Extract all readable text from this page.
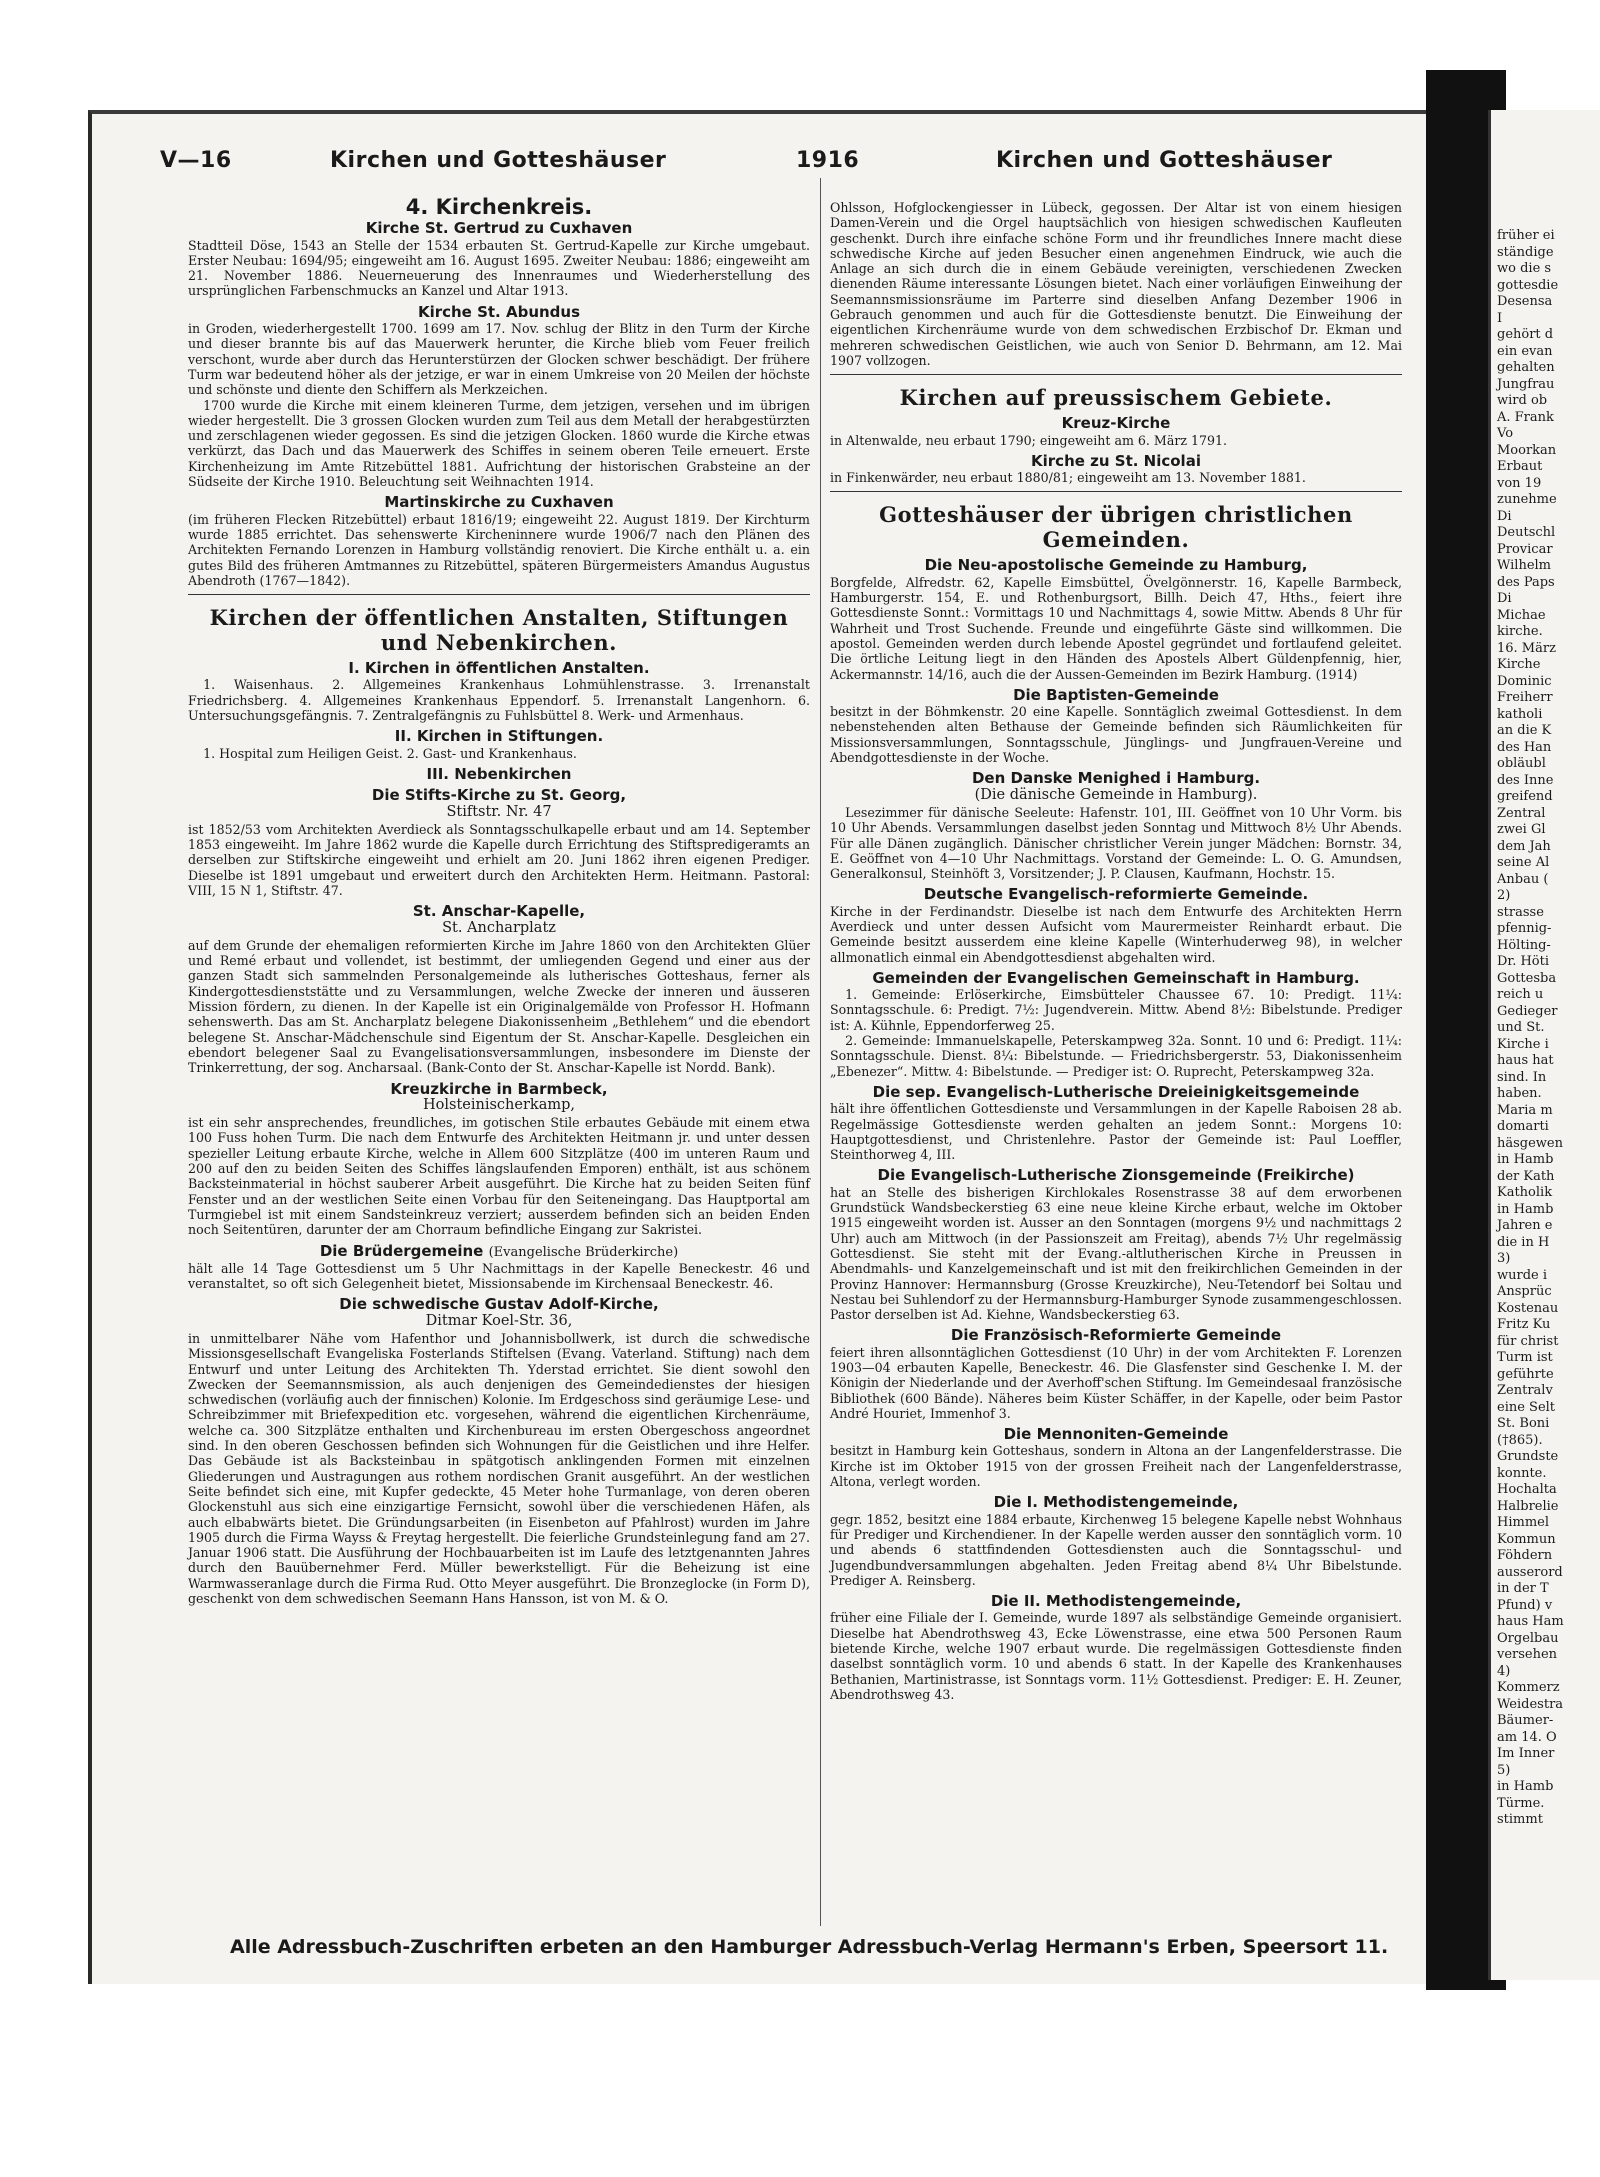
früher ei

ständige

wo die s

gottesdie

Desensa

I

gehört d

ein evan

gehalten

Jungfrau

wird ob

A. Frank

Vo

Moorkan

Erbaut

von 19

zunehme

Di

Deutschl

Provicar

Wilhelm

des Paps

Di

Michae

kirche.

16. März

Kirche

Dominic

Freiherr

katholi

an die K

des Han

obläubl

des Inne

greifend

Zentral

zwei Gl

dem Jah

seine Al

Anbau (

2)

strasse

pfennig-

Hölting-

Dr. Höti

Gottesba

reich u

Gedieger

und St.

Kirche i

haus hat

sind. In

haben.

Maria m

domarti

häsgewen

in Hamb

der Kath

Katholik

in Hamb

Jahren e

die in H

3)

wurde i

Ansprüc

Kostenau

Fritz Ku

für christ

Turm ist

geführte

Zentralv

eine Selt

St. Boni

(†865).

Grundste

konnte.

Hochalta

Halbrelie

Himmel

Kommun

Föhdern

ausserord

in der T

Pfund) v

haus Ham

Orgelbau

versehen

4)

Kommerz

Weidestra

Bäumer-

am 14. O

Im Inner

5)

in Hamb

Türme.

stimmt

V—16	Kirchen und Gotteshäuser	1916	Kirchen und Gotteshäuser
4. Kirchenkreis.
Kirche St. Gertrud zu Cuxhaven

Stadtteil Döse, 1543 an Stelle der 1534 erbauten St. Gertrud-Kapelle zur Kirche umgebaut. Erster Neubau: 1694/95; eingeweiht am 16. August 1695. Zweiter Neubau: 1886; eingeweiht am 21. November 1886. Neuerneuerung des Innenraumes und Wiederherstellung des ursprünglichen Farbenschmucks an Kanzel und Altar 1913.

Kirche St. Abundus

in Groden, wiederhergestellt 1700. 1699 am 17. Nov. schlug der Blitz in den Turm der Kirche und dieser brannte bis auf das Mauerwerk herunter, die Kirche blieb vom Feuer freilich verschont, wurde aber durch das Herunterstürzen der Glocken schwer beschädigt. Der frühere Turm war bedeutend höher als der jetzige, er war in einem Umkreise von 20 Meilen der höchste und schönste und diente den Schiffern als Merkzeichen.

1700 wurde die Kirche mit einem kleineren Turme, dem jetzigen, versehen und im übrigen wieder hergestellt. Die 3 grossen Glocken wurden zum Teil aus dem Metall der herabgestürzten und zerschlagenen wieder gegossen. Es sind die jetzigen Glocken. 1860 wurde die Kirche etwas verkürzt, das Dach und das Mauerwerk des Schiffes in seinem oberen Teile erneuert. Erste Kirchenheizung im Amte Ritzebüttel 1881. Aufrichtung der historischen Grabsteine an der Südseite der Kirche 1910. Beleuchtung seit Weihnachten 1914.

Martinskirche zu Cuxhaven

(im früheren Flecken Ritzebüttel) erbaut 1816/19; eingeweiht 22. August 1819. Der Kirchturm wurde 1885 errichtet. Das sehenswerte Kircheninnere wurde 1906/7 nach den Plänen des Architekten Fernando Lorenzen in Hamburg vollständig renoviert. Die Kirche enthält u. a. ein gutes Bild des früheren Amtmannes zu Ritzebüttel, späteren Bürgermeisters Amandus Augustus Abendroth (1767—1842).

Kirchen der öffentlichen Anstalten, Stiftungen und Nebenkirchen.
I. Kirchen in öffentlichen Anstalten.

1. Waisenhaus. 2. Allgemeines Krankenhaus Lohmühlenstrasse. 3. Irrenanstalt Friedrichsberg. 4. Allgemeines Krankenhaus Eppendorf. 5. Irrenanstalt Langenhorn. 6. Untersuchungsgefängnis. 7. Zentralgefängnis zu Fuhlsbüttel 8. Werk- und Armenhaus.

II. Kirchen in Stiftungen.

1. Hospital zum Heiligen Geist. 2. Gast- und Krankenhaus.

III. Nebenkirchen
Die Stifts-Kirche zu St. Georg,
Stiftstr. Nr. 47

ist 1852/53 vom Architekten Averdieck als Sonntagsschulkapelle erbaut und am 14. September 1853 eingeweiht. Im Jahre 1862 wurde die Kapelle durch Errichtung des Stiftspredigeramts an derselben zur Stiftskirche eingeweiht und erhielt am 20. Juni 1862 ihren eigenen Prediger. Dieselbe ist 1891 umgebaut und erweitert durch den Architekten Herm. Heitmann. Pastoral: VIII, 15 N 1, Stiftstr. 47.

St. Anschar-Kapelle,
St. Ancharplatz

auf dem Grunde der ehemaligen reformierten Kirche im Jahre 1860 von den Architekten Glüer und Remé erbaut und vollendet, ist bestimmt, der umliegenden Gegend und einer aus der ganzen Stadt sich sammelnden Personalgemeinde als lutherisches Gotteshaus, ferner als Kindergottesdienststätte und zu Versammlungen, welche Zwecke der inneren und äusseren Mission fördern, zu dienen. In der Kapelle ist ein Originalgemälde von Professor H. Hofmann sehenswerth. Das am St. Ancharplatz belegene Diakonissenheim „Bethlehem“ und die ebendort belegene St. Anschar-Mädchenschule sind Eigentum der St. Anschar-Kapelle. Desgleichen ein ebendort belegener Saal zu Evangelisationsversammlungen, insbesondere im Dienste der Trinkerrettung, der sog. Ancharsaal. (Bank-Conto der St. Anschar-Kapelle ist Nordd. Bank).

Kreuzkirche in Barmbeck,
Holsteinischerkamp,

ist ein sehr ansprechendes, freundliches, im gotischen Stile erbautes Gebäude mit einem etwa 100 Fuss hohen Turm. Die nach dem Entwurfe des Architekten Heitmann jr. und unter dessen spezieller Leitung erbaute Kirche, welche in Allem 600 Sitzplätze (400 im unteren Raum und 200 auf den zu beiden Seiten des Schiffes längslaufenden Emporen) enthält, ist aus schönem Backsteinmaterial in höchst sauberer Arbeit ausgeführt. Die Kirche hat zu beiden Seiten fünf Fenster und an der westlichen Seite einen Vorbau für den Seiteneingang. Das Hauptportal am Turmgiebel ist mit einem Sandsteinkreuz verziert; ausserdem befinden sich an beiden Enden noch Seitentüren, darunter der am Chorraum befindliche Eingang zur Sakristei.

Die Brüdergemeine (Evangelische Brüderkirche)

hält alle 14 Tage Gottesdienst um 5 Uhr Nachmittags in der Kapelle Beneckestr. 46 und veranstaltet, so oft sich Gelegenheit bietet, Missionsabende im Kirchensaal Beneckestr. 46.

Die schwedische Gustav Adolf-Kirche,
Ditmar Koel-Str. 36,

in unmittelbarer Nähe vom Hafenthor und Johannisbollwerk, ist durch die schwedische Missionsgesellschaft Evangeliska Fosterlands Stiftelsen (Evang. Vaterland. Stiftung) nach dem Entwurf und unter Leitung des Architekten Th. Yderstad errichtet. Sie dient sowohl den Zwecken der Seemannsmission, als auch denjenigen des Gemeindedienstes der hiesigen schwedischen (vorläufig auch der finnischen) Kolonie. Im Erdgeschoss sind geräumige Lese- und Schreibzimmer mit Briefexpedition etc. vorgesehen, während die eigentlichen Kirchenräume, welche ca. 300 Sitzplätze enthalten und Kirchenbureau im ersten Obergeschoss angeordnet sind. In den oberen Geschossen befinden sich Wohnungen für die Geistlichen und ihre Helfer. Das Gebäude ist als Backsteinbau in spätgotisch anklingenden Formen mit einzelnen Gliederungen und Austragungen aus rothem nordischen Granit ausgeführt. An der westlichen Seite befindet sich eine, mit Kupfer gedeckte, 45 Meter hohe Turmanlage, von deren oberen Glockenstuhl aus sich eine einzigartige Fernsicht, sowohl über die verschiedenen Häfen, als auch elbabwärts bietet. Die Gründungsarbeiten (in Eisenbeton auf Pfahlrost) wurden im Jahre 1905 durch die Firma Wayss & Freytag hergestellt. Die feierliche Grundsteinlegung fand am 27. Januar 1906 statt. Die Ausführung der Hochbauarbeiten ist im Laufe des letztgenannten Jahres durch den Bauübernehmer Ferd. Müller bewerkstelligt. Für die Beheizung ist eine Warmwasseranlage durch die Firma Rud. Otto Meyer ausgeführt. Die Bronzeglocke (in Form D), geschenkt von dem schwedischen Seemann Hans Hansson, ist von M. & O.

Ohlsson, Hofglockengiesser in Lübeck, gegossen. Der Altar ist von einem hiesigen Damen-Verein und die Orgel hauptsächlich von hiesigen schwedischen Kaufleuten geschenkt. Durch ihre einfache schöne Form und ihr freundliches Innere macht diese schwedische Kirche auf jeden Besucher einen angenehmen Eindruck, wie auch die Anlage an sich durch die in einem Gebäude vereinigten, verschiedenen Zwecken dienenden Räume interessante Lösungen bietet. Nach einer vorläufigen Einweihung der Seemannsmissionsräume im Parterre sind dieselben Anfang Dezember 1906 in Gebrauch genommen und auch für die Gottesdienste benutzt. Die Einweihung der eigentlichen Kirchenräume wurde von dem schwedischen Erzbischof Dr. Ekman und mehreren schwedischen Geistlichen, wie auch von Senior D. Behrmann, am 12. Mai 1907 vollzogen.

Kirchen auf preussischem Gebiete.
Kreuz-Kirche

in Altenwalde, neu erbaut 1790; eingeweiht am 6. März 1791.

Kirche zu St. Nicolai

in Finkenwärder, neu erbaut 1880/81; eingeweiht am 13. November 1881.

Gotteshäuser der übrigen christlichen Gemeinden.
Die Neu-apostolische Gemeinde zu Hamburg,

Borgfelde, Alfredstr. 62, Kapelle Eimsbüttel, Övelgönnerstr. 16, Kapelle Barmbeck, Hamburgerstr. 154, E. und Rothenburgsort, Billh. Deich 47, Hths., feiert ihre Gottesdienste Sonnt.: Vormittags 10 und Nachmittags 4, sowie Mittw. Abends 8 Uhr für Wahrheit und Trost Suchende. Freunde und eingeführte Gäste sind willkommen. Die apostol. Gemeinden werden durch lebende Apostel gegründet und fortlaufend geleitet. Die örtliche Leitung liegt in den Händen des Apostels Albert Güldenpfennig, hier, Ackermannstr. 14/16, auch die der Aussen-Gemeinden im Bezirk Hamburg. (1914)

Die Baptisten-Gemeinde

besitzt in der Böhmkenstr. 20 eine Kapelle. Sonntäglich zweimal Gottesdienst. In dem nebenstehenden alten Bethause der Gemeinde befinden sich Räumlichkeiten für Missionsversammlungen, Sonntagsschule, Jünglings- und Jungfrauen-Vereine und Abendgottesdienste in der Woche.

Den Danske Menighed i Hamburg.
(Die dänische Gemeinde in Hamburg).

Lesezimmer für dänische Seeleute: Hafenstr. 101, III. Geöffnet von 10 Uhr Vorm. bis 10 Uhr Abends. Versammlungen daselbst jeden Sonntag und Mittwoch 8½ Uhr Abends. Für alle Dänen zugänglich. Dänischer christlicher Verein junger Mädchen: Bornstr. 34, E. Geöffnet von 4—10 Uhr Nachmittags. Vorstand der Gemeinde: L. O. G. Amundsen, Generalkonsul, Steinhöft 3, Vorsitzender; J. P. Clausen, Kaufmann, Hochstr. 15.

Deutsche Evangelisch-reformierte Gemeinde.

Kirche in der Ferdinandstr. Dieselbe ist nach dem Entwurfe des Architekten Herrn Averdieck und unter dessen Aufsicht vom Maurermeister Reinhardt erbaut. Die Gemeinde besitzt ausserdem eine kleine Kapelle (Winterhuderweg 98), in welcher allmonatlich einmal ein Abendgottesdienst abgehalten wird.

Gemeinden der Evangelischen Gemeinschaft in Hamburg.

1. Gemeinde: Erlöserkirche, Eimsbütteler Chaussee 67. 10: Predigt. 11¼: Sonntagsschule. 6: Predigt. 7½: Jugendverein. Mittw. Abend 8½: Bibelstunde. Prediger ist: A. Kühnle, Eppendorferweg 25.

2. Gemeinde: Immanuelskapelle, Peterskampweg 32a. Sonnt. 10 und 6: Predigt. 11¼: Sonntagsschule. Dienst. 8¼: Bibelstunde. — Friedrichsbergerstr. 53, Diakonissenheim „Ebenezer“. Mittw. 4: Bibelstunde. — Prediger ist: O. Ruprecht, Peterskampweg 32a.

Die sep. Evangelisch-Lutherische Dreieinigkeitsgemeinde

hält ihre öffentlichen Gottesdienste und Versammlungen in der Kapelle Raboisen 28 ab. Regelmässige Gottesdienste werden gehalten an jedem Sonnt.: Morgens 10: Hauptgottesdienst, und Christenlehre. Pastor der Gemeinde ist: Paul Loeffler, Steinthorweg 4, III.

Die Evangelisch-Lutherische Zionsgemeinde (Freikirche)

hat an Stelle des bisherigen Kirchlokales Rosenstrasse 38 auf dem erworbenen Grundstück Wandsbeckerstieg 63 eine neue kleine Kirche erbaut, welche im Oktober 1915 eingeweiht worden ist. Ausser an den Sonntagen (morgens 9½ und nachmittags 2 Uhr) auch am Mittwoch (in der Passionszeit am Freitag), abends 7½ Uhr regelmässig Gottesdienst. Sie steht mit der Evang.-altlutherischen Kirche in Preussen in Abendmahls- und Kanzelgemeinschaft und ist mit den freikirchlichen Gemeinden in der Provinz Hannover: Hermannsburg (Grosse Kreuzkirche), Neu-Tetendorf bei Soltau und Nestau bei Suhlendorf zu der Hermannsburg-Hamburger Synode zusammengeschlossen. Pastor derselben ist Ad. Kiehne, Wandsbeckerstieg 63.

Die Französisch-Reformierte Gemeinde

feiert ihren allsonntäglichen Gottesdienst (10 Uhr) in der vom Architekten F. Lorenzen 1903—04 erbauten Kapelle, Beneckestr. 46. Die Glasfenster sind Geschenke I. M. der Königin der Niederlande und der Averhoff'schen Stiftung. Im Gemeindesaal französische Bibliothek (600 Bände). Näheres beim Küster Schäffer, in der Kapelle, oder beim Pastor André Houriet, Immenhof 3.

Die Mennoniten-Gemeinde

besitzt in Hamburg kein Gotteshaus, sondern in Altona an der Langenfelderstrasse. Die Kirche ist im Oktober 1915 von der grossen Freiheit nach der Langenfelderstrasse, Altona, verlegt worden.

Die I. Methodistengemeinde,

gegr. 1852, besitzt eine 1884 erbaute, Kirchenweg 15 belegene Kapelle nebst Wohnhaus für Prediger und Kirchendiener. In der Kapelle werden ausser den sonntäglich vorm. 10 und abends 6 stattfindenden Gottesdiensten auch die Sonntagsschul- und Jugendbundversammlungen abgehalten. Jeden Freitag abend 8¼ Uhr Bibelstunde. Prediger A. Reinsberg.

Die II. Methodistengemeinde,

früher eine Filiale der I. Gemeinde, wurde 1897 als selbständige Gemeinde organisiert. Dieselbe hat Abendrothsweg 43, Ecke Löwenstrasse, eine etwa 500 Personen Raum bietende Kirche, welche 1907 erbaut wurde. Die regelmässigen Gottesdienste finden daselbst sonntäglich vorm. 10 und abends 6 statt. In der Kapelle des Krankenhauses Bethanien, Martinistrasse, ist Sonntags vorm. 11½ Gottesdienst. Prediger: E. H. Zeuner, Abendrothsweg 43.

Alle Adressbuch-Zuschriften erbeten an den Hamburger Adressbuch-Verlag Hermann's Erben, Speersort 11.
